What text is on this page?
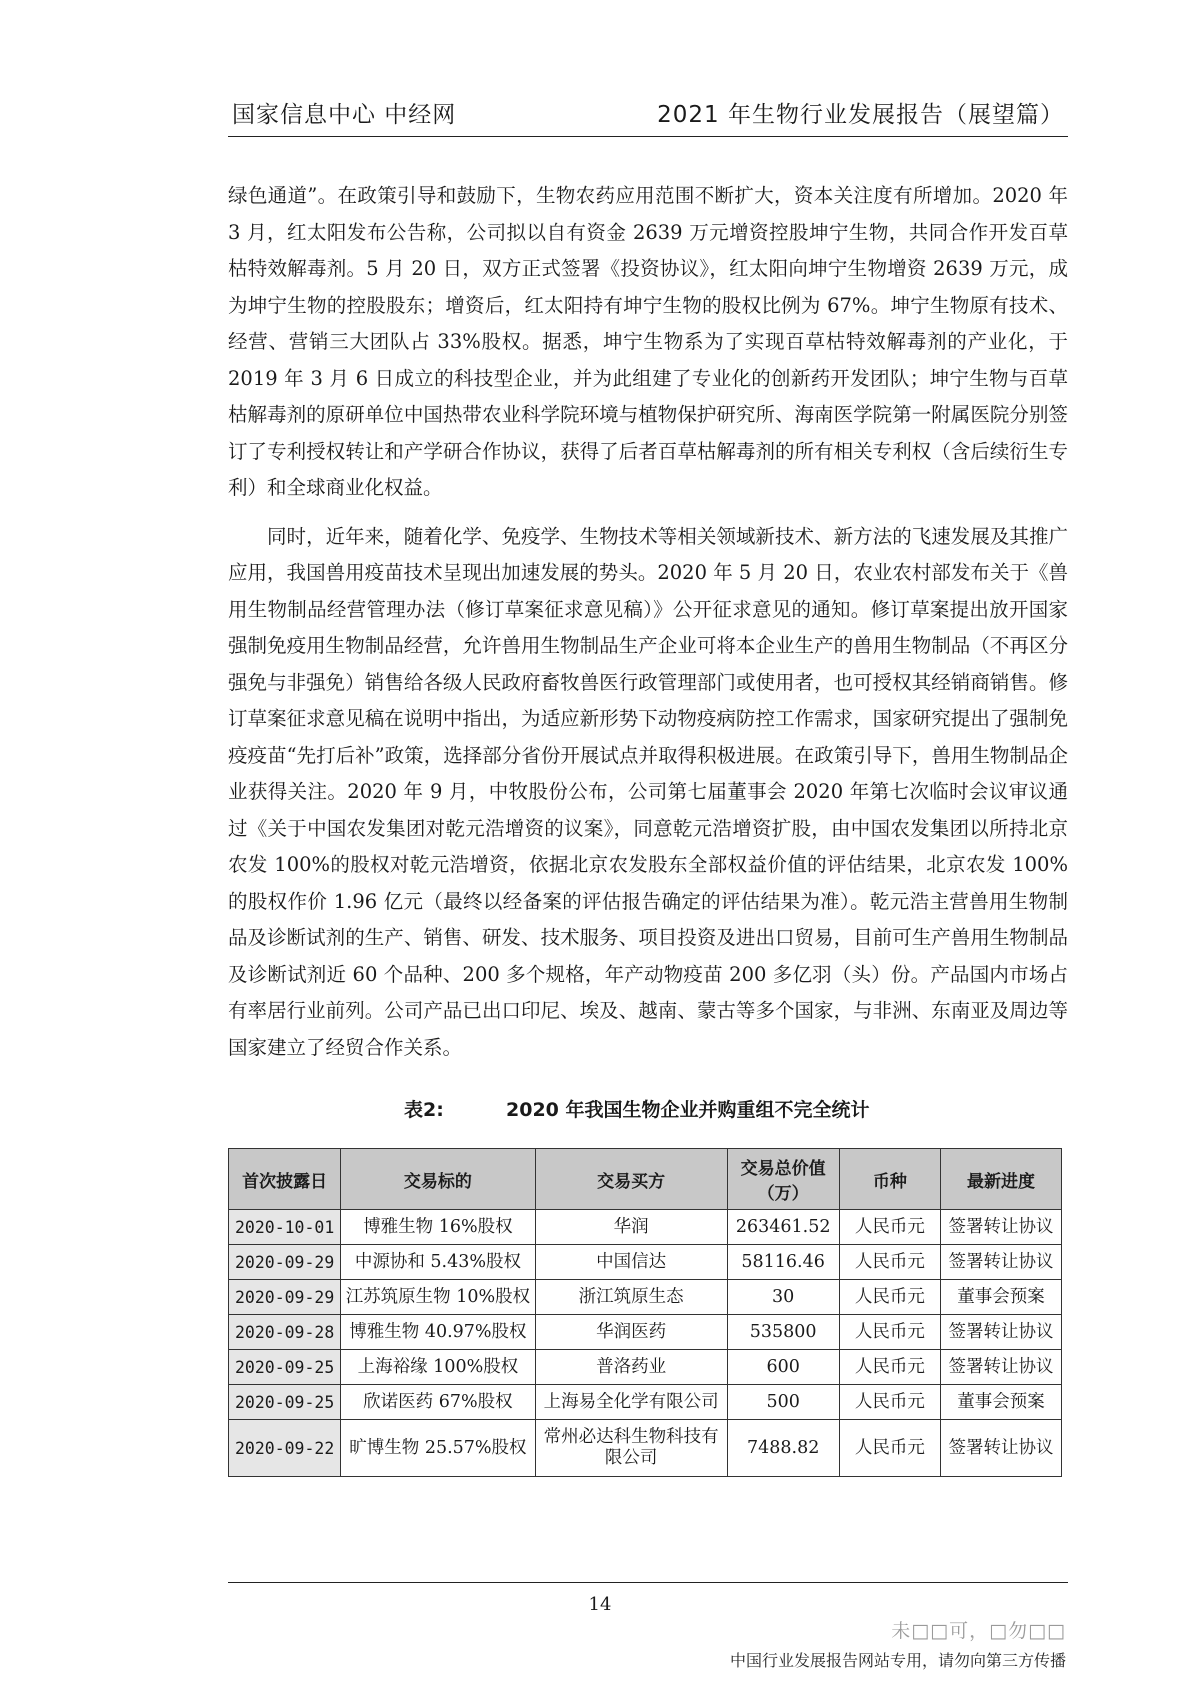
国家信息中心 中经网	2021 年生物行业发展报告（展望篇）

绿色通道”。在政策引导和鼓励下，生物农药应用范围不断扩大，资本关注度有所增加。2020 年 3 月，红太阳发布公告称，公司拟以自有资金 2639 万元增资控股坤宁生物，共同合作开发百草枯特效解毒剂。5 月 20 日，双方正式签署《投资协议》，红太阳向坤宁生物增资 2639 万元，成为坤宁生物的控股股东；增资后，红太阳持有坤宁生物的股权比例为 67%。坤宁生物原有技术、经营、营销三大团队占 33%股权。据悉，坤宁生物系为了实现百草枯特效解毒剂的产业化，于 2019 年 3 月 6 日成立的科技型企业，并为此组建了专业化的创新药开发团队；坤宁生物与百草枯解毒剂的原研单位中国热带农业科学院环境与植物保护研究所、海南医学院第一附属医院分别签订了专利授权转让和产学研合作协议，获得了后者百草枯解毒剂的所有相关专利权（含后续衍生专利）和全球商业化权益。

同时，近年来，随着化学、免疫学、生物技术等相关领域新技术、新方法的飞速发展及其推广应用，我国兽用疫苗技术呈现出加速发展的势头。2020 年 5 月 20 日，农业农村部发布关于《兽用生物制品经营管理办法（修订草案征求意见稿）》公开征求意见的通知。修订草案提出放开国家强制免疫用生物制品经营，允许兽用生物制品生产企业可将本企业生产的兽用生物制品（不再区分强免与非强免）销售给各级人民政府畜牧兽医行政管理部门或使用者，也可授权其经销商销售。修订草案征求意见稿在说明中指出，为适应新形势下动物疫病防控工作需求，国家研究提出了强制免疫疫苗“先打后补”政策，选择部分省份开展试点并取得积极进展。在政策引导下，兽用生物制品企业获得关注。2020 年 9 月，中牧股份公布，公司第七届董事会 2020 年第七次临时会议审议通过《关于中国农发集团对乾元浩增资的议案》，同意乾元浩增资扩股，由中国农发集团以所持北京农发 100%的股权对乾元浩增资，依据北京农发股东全部权益价值的评估结果，北京农发 100%的股权作价 1.96 亿元（最终以经备案的评估报告确定的评估结果为准）。乾元浩主营兽用生物制品及诊断试剂的生产、销售、研发、技术服务、项目投资及进出口贸易，目前可生产兽用生物制品及诊断试剂近 60 个品种、200 多个规格，年产动物疫苗 200 多亿羽（头）份。产品国内市场占有率居行业前列。公司产品已出口印尼、埃及、越南、蒙古等多个国家，与非洲、东南亚及周边等国家建立了经贸合作关系。

表2:	2020 年我国生物企业并购重组不完全统计
首次披露日	交易标的	交易买方	交易总价值（万）	币种	最新进度
2020-10-01	博雅生物 16%股权	华润	263461.52	人民币元	签署转让协议
2020-09-29	中源协和 5.43%股权	中国信达	58116.46	人民币元	签署转让协议
2020-09-29	江苏筑原生物 10%股权	浙江筑原生态	30	人民币元	董事会预案
2020-09-28	博雅生物 40.97%股权	华润医药	535800	人民币元	签署转让协议
2020-09-25	上海裕缘 100%股权	普洛药业	600	人民币元	签署转让协议
2020-09-25	欣诺医药 67%股权	上海易全化学有限公司	500	人民币元	董事会预案
2020-09-22	旷博生物 25.57%股权	常州必达科生物科技有限公司	7488.82	人民币元	签署转让协议
14
未□□可，□勿□□
中国行业发展报告网站专用，请勿向第三方传播
